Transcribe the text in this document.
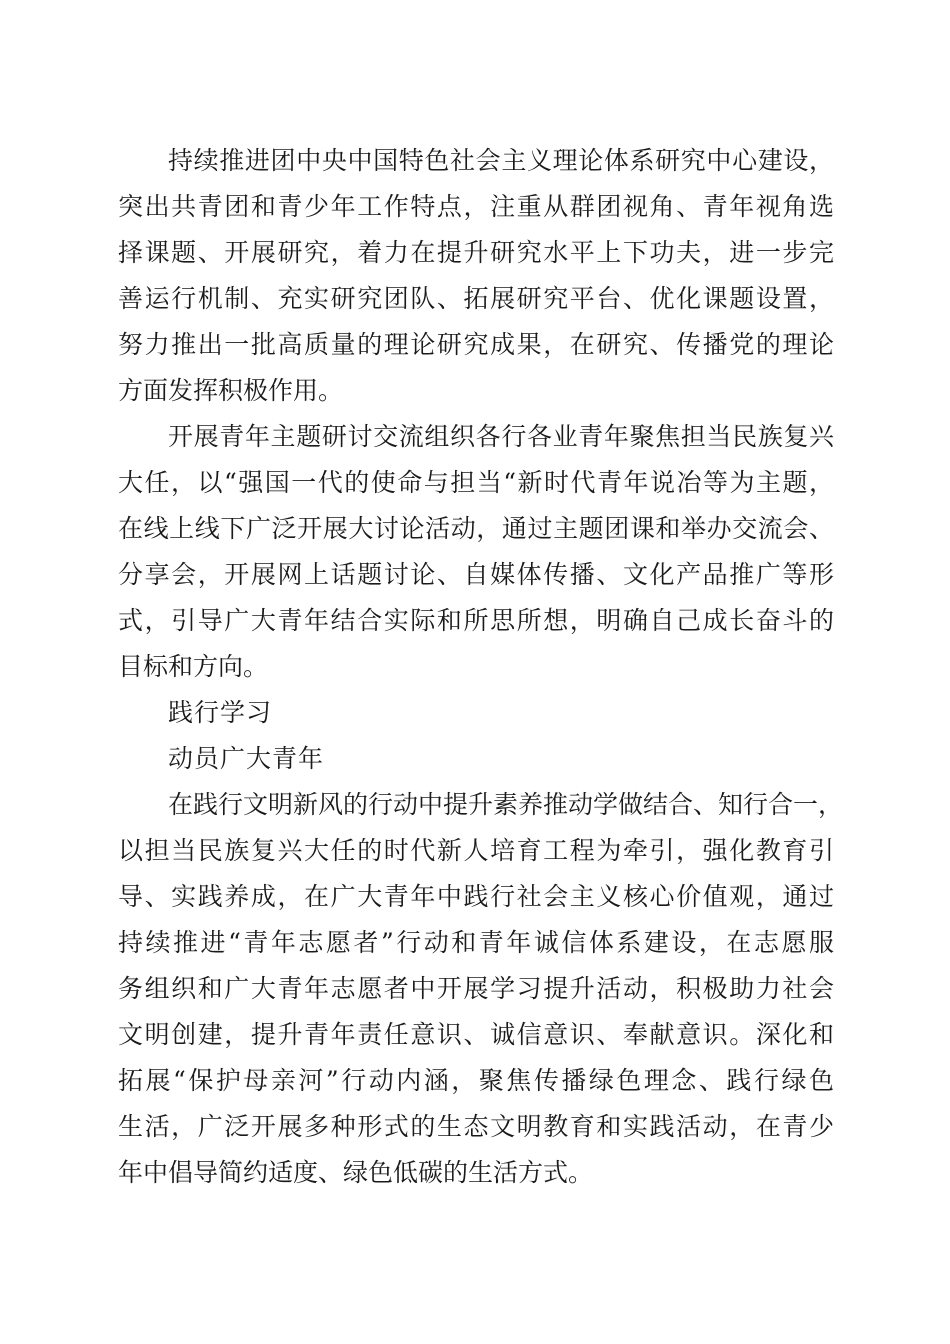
持续推进团中央中国特色社会主义理论体系研究中心建设，
突出共青团和青少年工作特点，注重从群团视角、青年视角选
择课题、开展研究，着力在提升研究水平上下功夫，进一步完
善运行机制、充实研究团队、拓展研究平台、优化课题设置，
努力推出一批高质量的理论研究成果，在研究、传播党的理论
方面发挥积极作用。
开展青年主题研讨交流组织各行各业青年聚焦担当民族复兴
大任，以“强国一代的使命与担当“新时代青年说冶等为主题，
在线上线下广泛开展大讨论活动，通过主题团课和举办交流会、
分享会，开展网上话题讨论、自媒体传播、文化产品推广等形
式，引导广大青年结合实际和所思所想，明确自己成长奋斗的
目标和方向。

践行学习

动员广大青年

在践行文明新风的行动中提升素养推动学做结合、知行合一，
以担当民族复兴大任的时代新人培育工程为牵引，强化教育引
导、实践养成，在广大青年中践行社会主义核心价值观，通过
持续推进“青年志愿者”行动和青年诚信体系建设，在志愿服
务组织和广大青年志愿者中开展学习提升活动，积极助力社会
文明创建，提升青年责任意识、诚信意识、奉献意识。深化和
拓展“保护母亲河”行动内涵，聚焦传播绿色理念、践行绿色
生活，广泛开展多种形式的生态文明教育和实践活动，在青少
年中倡导简约适度、绿色低碳的生活方式。
